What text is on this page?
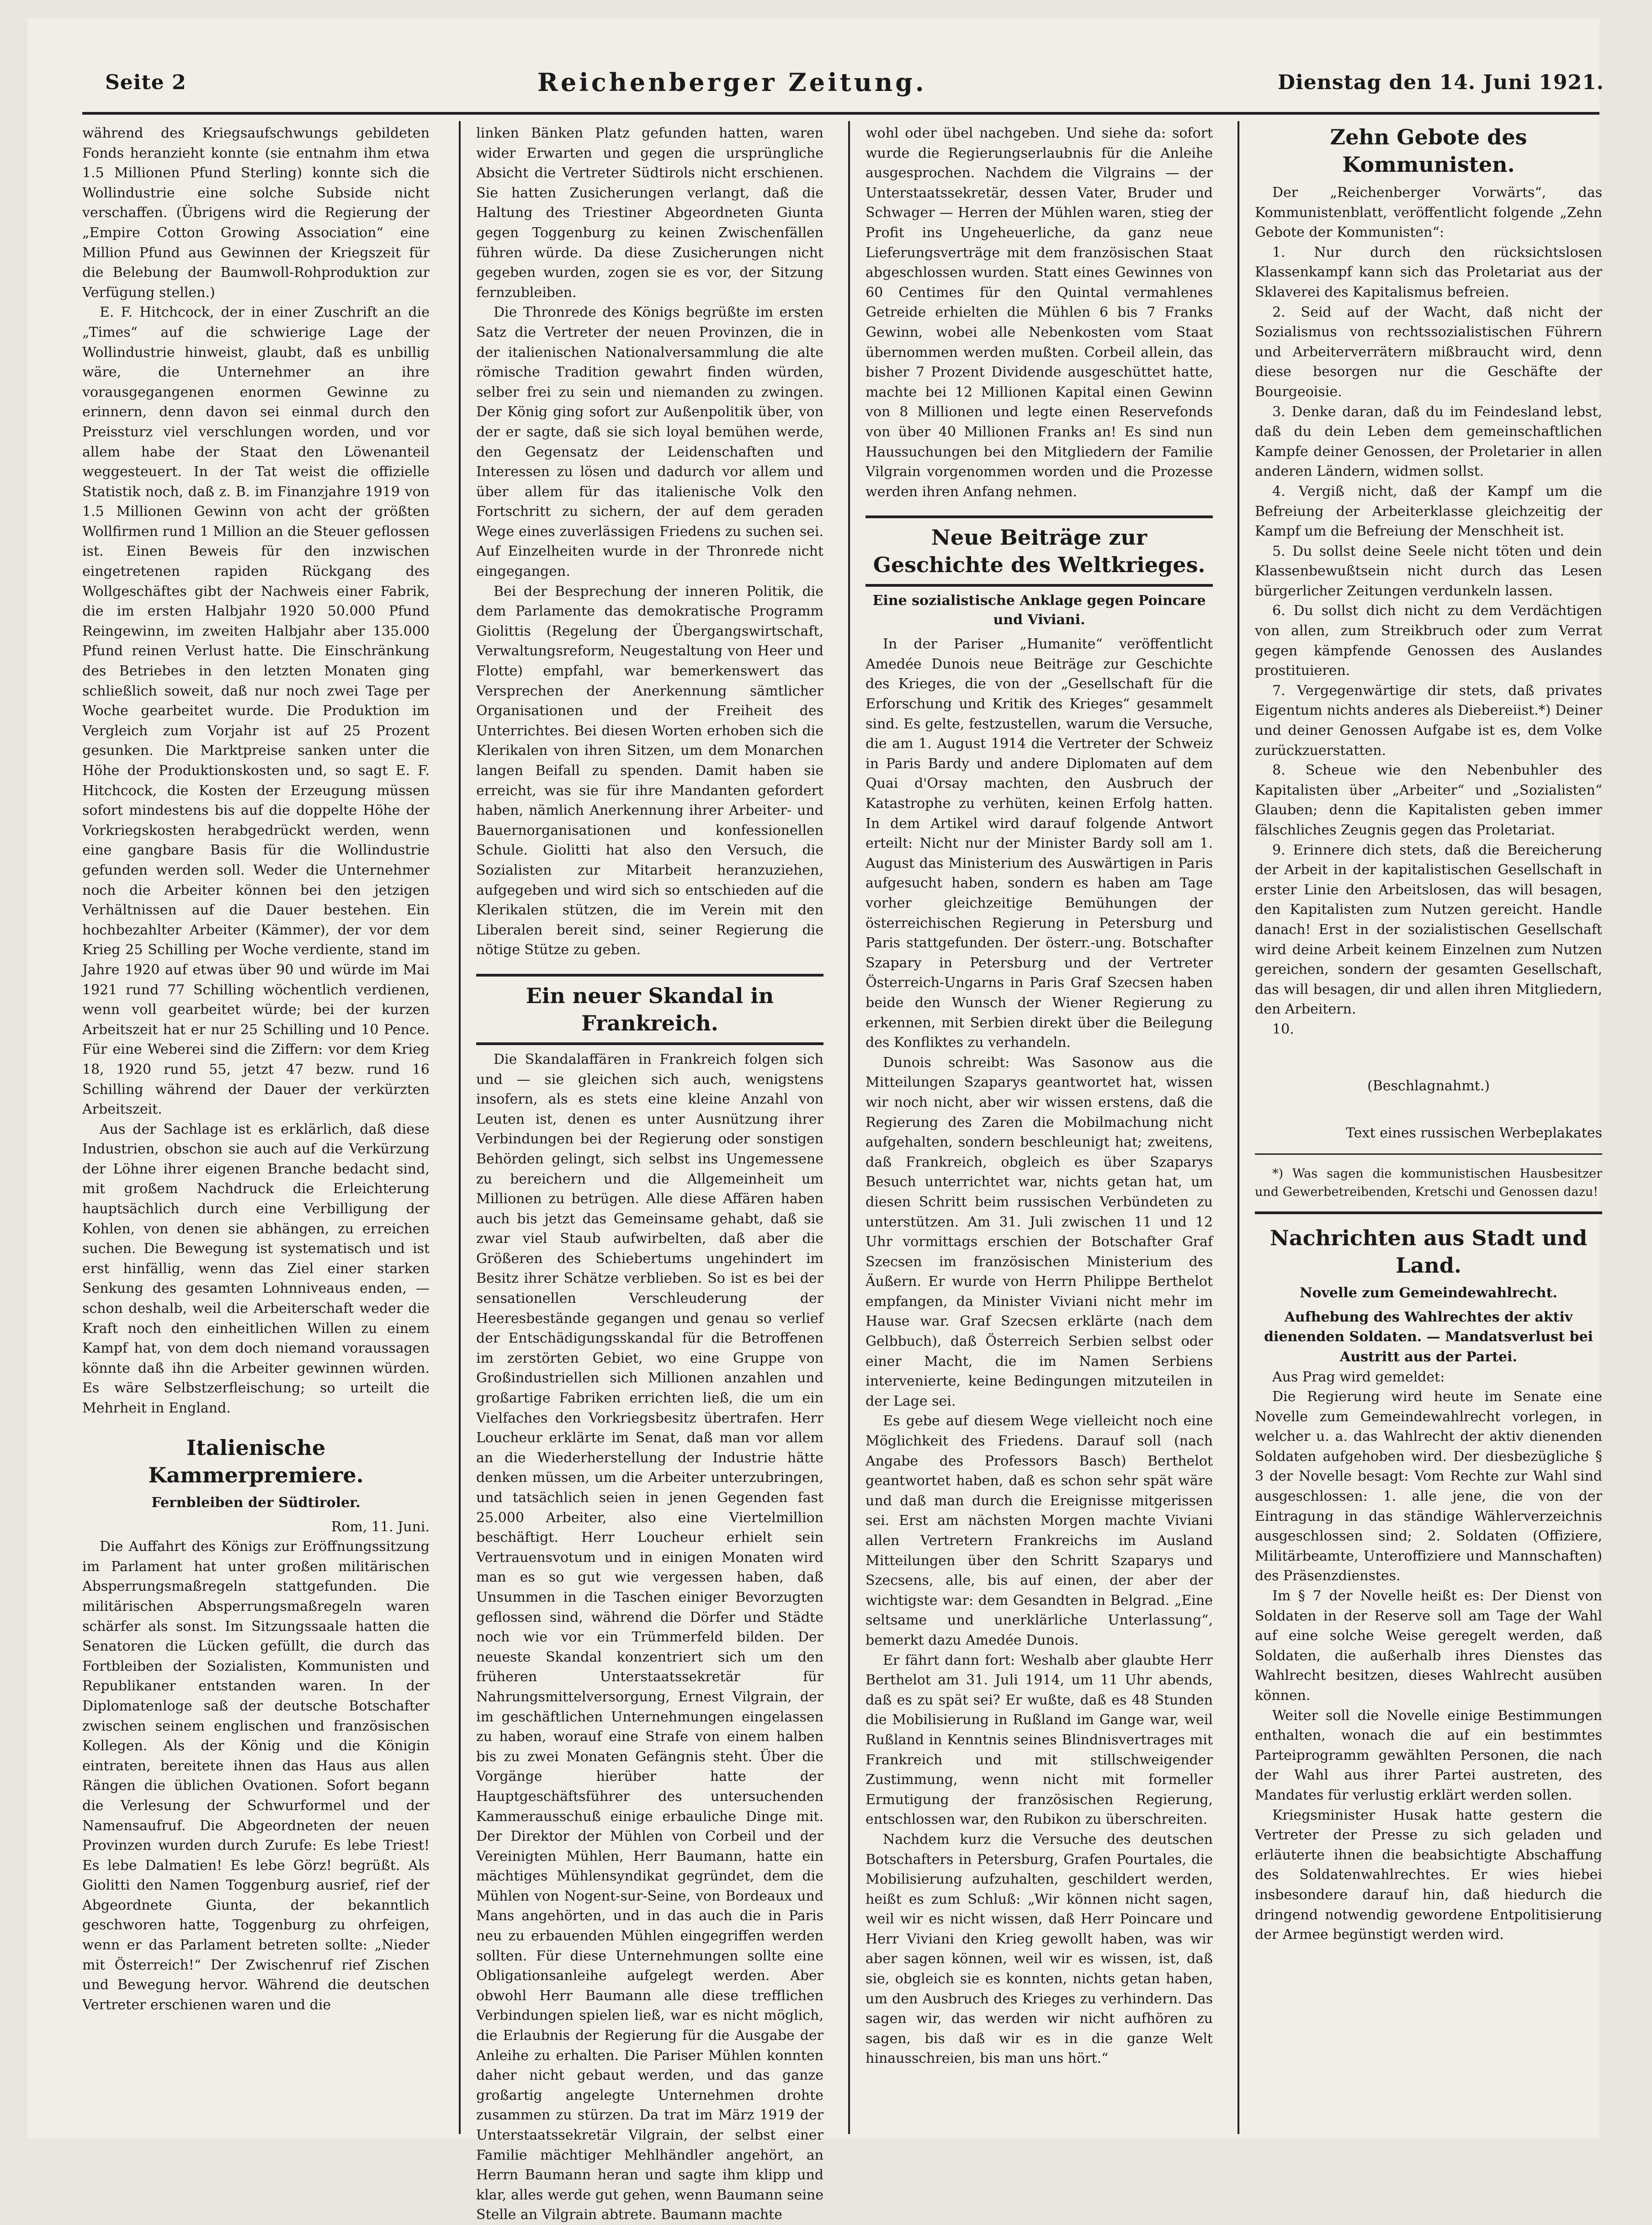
Seite 2	Reichenberger Zeitung.	Dienstag den 14. Juni 1921.

während des Kriegsaufschwungs gebildeten Fonds heranzieht konnte (sie entnahm ihm etwa 1.5 Millionen Pfund Sterling) konnte sich die Wollindustrie eine solche Subside nicht verschaffen. (Übrigens wird die Regierung der „Empire Cotton Growing Association“ eine Million Pfund aus Gewinnen der Kriegszeit für die Belebung der Baumwoll-Rohproduktion zur Verfügung stellen.)

E. F. Hitchcock, der in einer Zuschrift an die „Times“ auf die schwierige Lage der Wollindustrie hinweist, glaubt, daß es unbillig wäre, die Unternehmer an ihre vorausgegangenen enormen Gewinne zu erinnern, denn davon sei einmal durch den Preissturz viel verschlungen worden, und vor allem habe der Staat den Löwenanteil weggesteuert. In der Tat weist die offizielle Statistik noch, daß z. B. im Finanzjahre 1919 von 1.5 Millionen Gewinn von acht der größten Wollfirmen rund 1 Million an die Steuer geflossen ist. Einen Beweis für den inzwischen eingetretenen rapiden Rückgang des Wollgeschäftes gibt der Nachweis einer Fabrik, die im ersten Halbjahr 1920 50.000 Pfund Reingewinn, im zweiten Halbjahr aber 135.000 Pfund reinen Verlust hatte. Die Einschränkung des Betriebes in den letzten Monaten ging schließlich soweit, daß nur noch zwei Tage per Woche gearbeitet wurde. Die Produktion im Vergleich zum Vorjahr ist auf 25 Prozent gesunken. Die Marktpreise sanken unter die Höhe der Produktionskosten und, so sagt E. F. Hitchcock, die Kosten der Erzeugung müssen sofort mindestens bis auf die doppelte Höhe der Vorkriegskosten herabgedrückt werden, wenn eine gangbare Basis für die Wollindustrie gefunden werden soll. Weder die Unternehmer noch die Arbeiter können bei den jetzigen Verhältnissen auf die Dauer bestehen. Ein hochbezahlter Arbeiter (Kämmer), der vor dem Krieg 25 Schilling per Woche verdiente, stand im Jahre 1920 auf etwas über 90 und würde im Mai 1921 rund 77 Schilling wöchentlich verdienen, wenn voll gearbeitet würde; bei der kurzen Arbeitszeit hat er nur 25 Schilling und 10 Pence. Für eine Weberei sind die Ziffern: vor dem Krieg 18, 1920 rund 55, jetzt 47 bezw. rund 16 Schilling während der Dauer der verkürzten Arbeitszeit.

Aus der Sachlage ist es erklärlich, daß diese Industrien, obschon sie auch auf die Verkürzung der Löhne ihrer eigenen Branche bedacht sind, mit großem Nachdruck die Erleichterung hauptsächlich durch eine Verbilligung der Kohlen, von denen sie abhängen, zu erreichen suchen. Die Bewegung ist systematisch und ist erst hinfällig, wenn das Ziel einer starken Senkung des gesamten Lohnniveaus enden, — schon deshalb, weil die Arbeiterschaft weder die Kraft noch den einheitlichen Willen zu einem Kampf hat, von dem doch niemand voraussagen könnte daß ihn die Arbeiter gewinnen würden. Es wäre Selbstzerfleischung; so urteilt die Mehrheit in England.

Italienische Kammerpremiere.
Fernbleiben der Südtiroler.

Rom, 11. Juni.

Die Auffahrt des Königs zur Eröffnungssitzung im Parlament hat unter großen militärischen Absperrungsmaßregeln stattgefunden. Die militärischen Absperrungsmaßregeln waren schärfer als sonst. Im Sitzungssaale hatten die Senatoren die Lücken gefüllt, die durch das Fortbleiben der Sozialisten, Kommunisten und Republikaner entstanden waren. In der Diplomatenloge saß der deutsche Botschafter zwischen seinem englischen und französischen Kollegen. Als der König und die Königin eintraten, bereitete ihnen das Haus aus allen Rängen die üblichen Ovationen. Sofort begann die Verlesung der Schwurformel und der Namensaufruf. Die Abgeordneten der neuen Provinzen wurden durch Zurufe: Es lebe Triest! Es lebe Dalmatien! Es lebe Görz! begrüßt. Als Giolitti den Namen Toggenburg ausrief, rief der Abgeordnete Giunta, der bekanntlich geschworen hatte, Toggenburg zu ohrfeigen, wenn er das Parlament betreten sollte: „Nieder mit Österreich!“ Der Zwischenruf rief Zischen und Bewegung hervor. Während die deutschen Vertreter erschienen waren und die

linken Bänken Platz gefunden hatten, waren wider Erwarten und gegen die ursprüngliche Absicht die Vertreter Südtirols nicht erschienen. Sie hatten Zusicherungen verlangt, daß die Haltung des Triestiner Abgeordneten Giunta gegen Toggenburg zu keinen Zwischenfällen führen würde. Da diese Zusicherungen nicht gegeben wurden, zogen sie es vor, der Sitzung fernzubleiben.

Die Thronrede des Königs begrüßte im ersten Satz die Vertreter der neuen Provinzen, die in der italienischen Nationalversammlung die alte römische Tradition gewahrt finden würden, selber frei zu sein und niemanden zu zwingen. Der König ging sofort zur Außenpolitik über, von der er sagte, daß sie sich loyal bemühen werde, den Gegensatz der Leidenschaften und Interessen zu lösen und dadurch vor allem und über allem für das italienische Volk den Fortschritt zu sichern, der auf dem geraden Wege eines zuverlässigen Friedens zu suchen sei. Auf Einzelheiten wurde in der Thronrede nicht eingegangen.

Bei der Besprechung der inneren Politik, die dem Parlamente das demokratische Programm Giolittis (Regelung der Übergangswirtschaft, Verwaltungsreform, Neugestaltung von Heer und Flotte) empfahl, war bemerkenswert das Versprechen der Anerkennung sämtlicher Organisationen und der Freiheit des Unterrichtes. Bei diesen Worten erhoben sich die Klerikalen von ihren Sitzen, um dem Monarchen langen Beifall zu spenden. Damit haben sie erreicht, was sie für ihre Mandanten gefordert haben, nämlich Anerkennung ihrer Arbeiter- und Bauernorganisationen und konfessionellen Schule. Giolitti hat also den Versuch, die Sozialisten zur Mitarbeit heranzuziehen, aufgegeben und wird sich so entschieden auf die Klerikalen stützen, die im Verein mit den Liberalen bereit sind, seiner Regierung die nötige Stütze zu geben.

Ein neuer Skandal in Frankreich.

Die Skandalaffären in Frankreich folgen sich und — sie gleichen sich auch, wenigstens insofern, als es stets eine kleine Anzahl von Leuten ist, denen es unter Ausnützung ihrer Verbindungen bei der Regierung oder sonstigen Behörden gelingt, sich selbst ins Ungemessene zu bereichern und die Allgemeinheit um Millionen zu betrügen. Alle diese Affären haben auch bis jetzt das Gemeinsame gehabt, daß sie zwar viel Staub aufwirbelten, daß aber die Größeren des Schiebertums ungehindert im Besitz ihrer Schätze verblieben. So ist es bei der sensationellen Verschleuderung der Heeresbestände gegangen und genau so verlief der Entschädigungsskandal für die Betroffenen im zerstörten Gebiet, wo eine Gruppe von Großindustriellen sich Millionen anzahlen und großartige Fabriken errichten ließ, die um ein Vielfaches den Vorkriegsbesitz übertrafen. Herr Loucheur erklärte im Senat, daß man vor allem an die Wiederherstellung der Industrie hätte denken müssen, um die Arbeiter unterzubringen, und tatsächlich seien in jenen Gegenden fast 25.000 Arbeiter, also eine Viertelmillion beschäftigt. Herr Loucheur erhielt sein Vertrauensvotum und in einigen Monaten wird man es so gut wie vergessen haben, daß Unsummen in die Taschen einiger Bevorzugten geflossen sind, während die Dörfer und Städte noch wie vor ein Trümmerfeld bilden. Der neueste Skandal konzentriert sich um den früheren Unterstaatssekretär für Nahrungsmittelversorgung, Ernest Vilgrain, der im geschäftlichen Unternehmungen eingelassen zu haben, worauf eine Strafe von einem halben bis zu zwei Monaten Gefängnis steht. Über die Vorgänge hierüber hatte der Hauptgeschäftsführer des untersuchenden Kammerausschuß einige erbauliche Dinge mit. Der Direktor der Mühlen von Corbeil und der Vereinigten Mühlen, Herr Baumann, hatte ein mächtiges Mühlensyndikat gegründet, dem die Mühlen von Nogent-sur-Seine, von Bordeaux und Mans angehörten, und in das auch die in Paris neu zu erbauenden Mühlen eingegriffen werden sollten. Für diese Unternehmungen sollte eine Obligationsanleihe aufgelegt werden. Aber obwohl Herr Baumann alle diese trefflichen Verbindungen spielen ließ, war es nicht möglich, die Erlaubnis der Regierung für die Ausgabe der Anleihe zu erhalten. Die Pariser Mühlen konnten daher nicht gebaut werden, und das ganze großartig angelegte Unternehmen drohte zusammen zu stürzen. Da trat im März 1919 der Unterstaatssekretär Vilgrain, der selbst einer Familie mächtiger Mehlhändler angehört, an Herrn Baumann heran und sagte ihm klipp und klar, alles werde gut gehen, wenn Baumann seine Stelle an Vilgrain abtrete. Baumann machte

wohl oder übel nachgeben. Und siehe da: sofort wurde die Regierungserlaubnis für die Anleihe ausgesprochen. Nachdem die Vilgrains — der Unterstaatssekretär, dessen Vater, Bruder und Schwager — Herren der Mühlen waren, stieg der Profit ins Ungeheuerliche, da ganz neue Lieferungsverträge mit dem französischen Staat abgeschlossen wurden. Statt eines Gewinnes von 60 Centimes für den Quintal vermahlenes Getreide erhielten die Mühlen 6 bis 7 Franks Gewinn, wobei alle Nebenkosten vom Staat übernommen werden mußten. Corbeil allein, das bisher 7 Prozent Dividende ausgeschüttet hatte, machte bei 12 Millionen Kapital einen Gewinn von 8 Millionen und legte einen Reservefonds von über 40 Millionen Franks an! Es sind nun Haussuchungen bei den Mitgliedern der Familie Vilgrain vorgenommen worden und die Prozesse werden ihren Anfang nehmen.

Neue Beiträge zur Geschichte des Weltkrieges.
Eine sozialistische Anklage gegen Poincare und Viviani.

In der Pariser „Humanite“ veröffentlicht Amedée Dunois neue Beiträge zur Geschichte des Krieges, die von der „Gesellschaft für die Erforschung und Kritik des Krieges“ gesammelt sind. Es gelte, festzustellen, warum die Versuche, die am 1. August 1914 die Vertreter der Schweiz in Paris Bardy und andere Diplomaten auf dem Quai d'Orsay machten, den Ausbruch der Katastrophe zu verhüten, keinen Erfolg hatten. In dem Artikel wird darauf folgende Antwort erteilt: Nicht nur der Minister Bardy soll am 1. August das Ministerium des Auswärtigen in Paris aufgesucht haben, sondern es haben am Tage vorher gleichzeitige Bemühungen der österreichischen Regierung in Petersburg und Paris stattgefunden. Der österr.-ung. Botschafter Szapary in Petersburg und der Vertreter Österreich-Ungarns in Paris Graf Szecsen haben beide den Wunsch der Wiener Regierung zu erkennen, mit Serbien direkt über die Beilegung des Konfliktes zu verhandeln.

Dunois schreibt: Was Sasonow aus die Mitteilungen Szaparys geantwortet hat, wissen wir noch nicht, aber wir wissen erstens, daß die Regierung des Zaren die Mobilmachung nicht aufgehalten, sondern beschleunigt hat; zweitens, daß Frankreich, obgleich es über Szaparys Besuch unterrichtet war, nichts getan hat, um diesen Schritt beim russischen Verbündeten zu unterstützen. Am 31. Juli zwischen 11 und 12 Uhr vormittags erschien der Botschafter Graf Szecsen im französischen Ministerium des Äußern. Er wurde von Herrn Philippe Berthelot empfangen, da Minister Viviani nicht mehr im Hause war. Graf Szecsen erklärte (nach dem Gelbbuch), daß Österreich Serbien selbst oder einer Macht, die im Namen Serbiens intervenierte, keine Bedingungen mitzuteilen in der Lage sei.

Es gebe auf diesem Wege vielleicht noch eine Möglichkeit des Friedens. Darauf soll (nach Angabe des Professors Basch) Berthelot geantwortet haben, daß es schon sehr spät wäre und daß man durch die Ereignisse mitgerissen sei. Erst am nächsten Morgen machte Viviani allen Vertretern Frankreichs im Ausland Mitteilungen über den Schritt Szaparys und Szecsens, alle, bis auf einen, der aber der wichtigste war: dem Gesandten in Belgrad. „Eine seltsame und unerklärliche Unterlassung“, bemerkt dazu Amedée Dunois.

Er fährt dann fort: Weshalb aber glaubte Herr Berthelot am 31. Juli 1914, um 11 Uhr abends, daß es zu spät sei? Er wußte, daß es 48 Stunden die Mobilisierung in Rußland im Gange war, weil Rußland in Kenntnis seines Blindnisvertrages mit Frankreich und mit stillschweigender Zustimmung, wenn nicht mit formeller Ermutigung der französischen Regierung, entschlossen war, den Rubikon zu überschreiten.

Nachdem kurz die Versuche des deutschen Botschafters in Petersburg, Grafen Pourtales, die Mobilisierung aufzuhalten, geschildert werden, heißt es zum Schluß: „Wir können nicht sagen, weil wir es nicht wissen, daß Herr Poincare und Herr Viviani den Krieg gewollt haben, was wir aber sagen können, weil wir es wissen, ist, daß sie, obgleich sie es konnten, nichts getan haben, um den Ausbruch des Krieges zu verhindern. Das sagen wir, das werden wir nicht aufhören zu sagen, bis daß wir es in die ganze Welt hinausschreien, bis man uns hört.“

Zehn Gebote des Kommunisten.

Der „Reichenberger Vorwärts“, das Kommunistenblatt, veröffentlicht folgende „Zehn Gebote der Kommunisten“:

1. Nur durch den rücksichtslosen Klassenkampf kann sich das Proletariat aus der Sklaverei des Kapitalismus befreien.

2. Seid auf der Wacht, daß nicht der Sozialismus von rechtssozialistischen Führern und Arbeiterverrätern mißbraucht wird, denn diese besorgen nur die Geschäfte der Bourgeoisie.

3. Denke daran, daß du im Feindesland lebst, daß du dein Leben dem gemeinschaftlichen Kampfe deiner Genossen, der Proletarier in allen anderen Ländern, widmen sollst.

4. Vergiß nicht, daß der Kampf um die Befreiung der Arbeiterklasse gleichzeitig der Kampf um die Befreiung der Menschheit ist.

5. Du sollst deine Seele nicht töten und dein Klassenbewußtsein nicht durch das Lesen bürgerlicher Zeitungen verdunkeln lassen.

6. Du sollst dich nicht zu dem Verdächtigen von allen, zum Streikbruch oder zum Verrat gegen kämpfende Genossen des Auslandes prostituieren.

7. Vergegenwärtige dir stets, daß privates Eigentum nichts anderes als Diebereiist.*) Deiner und deiner Genossen Aufgabe ist es, dem Volke zurückzuerstatten.

8. Scheue wie den Nebenbuhler des Kapitalisten über „Arbeiter“ und „Sozialisten“ Glauben; denn die Kapitalisten geben immer fälschliches Zeugnis gegen das Proletariat.

9. Erinnere dich stets, daß die Bereicherung der Arbeit in der kapitalistischen Gesellschaft in erster Linie den Arbeitslosen, das will besagen, den Kapitalisten zum Nutzen gereicht. Handle danach! Erst in der sozialistischen Gesellschaft wird deine Arbeit keinem Einzelnen zum Nutzen gereichen, sondern der gesamten Gesellschaft, das will besagen, dir und allen ihren Mitgliedern, den Arbeitern.

10.

(Beschlagnahmt.)

Text eines russischen Werbeplakates

*) Was sagen die kommunistischen Hausbesitzer und Gewerbetreibenden, Kretschi und Genossen dazu!

Nachrichten aus Stadt und Land.
Novelle zum Gemeindewahlrecht.

Aufhebung des Wahlrechtes der aktiv dienenden Soldaten. — Mandatsverlust bei Austritt aus der Partei.

Aus Prag wird gemeldet:

Die Regierung wird heute im Senate eine Novelle zum Gemeindewahlrecht vorlegen, in welcher u. a. das Wahlrecht der aktiv dienenden Soldaten aufgehoben wird. Der diesbezügliche § 3 der Novelle besagt: Vom Rechte zur Wahl sind ausgeschlossen: 1. alle jene, die von der Eintragung in das ständige Wählerverzeichnis ausgeschlossen sind; 2. Soldaten (Offiziere, Militärbeamte, Unteroffiziere und Mannschaften) des Präsenzdienstes.

Im § 7 der Novelle heißt es: Der Dienst von Soldaten in der Reserve soll am Tage der Wahl auf eine solche Weise geregelt werden, daß Soldaten, die außerhalb ihres Dienstes das Wahlrecht besitzen, dieses Wahlrecht ausüben können.

Weiter soll die Novelle einige Bestimmungen enthalten, wonach die auf ein bestimmtes Parteiprogramm gewählten Personen, die nach der Wahl aus ihrer Partei austreten, des Mandates für verlustig erklärt werden sollen.

Kriegsminister Husak hatte gestern die Vertreter der Presse zu sich geladen und erläuterte ihnen die beabsichtigte Abschaffung des Soldatenwahlrechtes. Er wies hiebei insbesondere darauf hin, daß hiedurch die dringend notwendig gewordene Entpolitisierung der Armee begünstigt werden wird.
